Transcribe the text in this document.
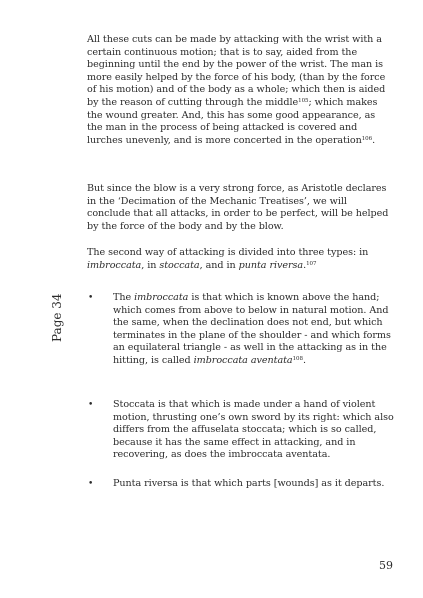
Page 34

All these cuts can be made by attacking with the wrist with a certain continuous motion; that is to say, aided from the beginning until the end by the power of the wrist. The man is more easily helped by the force of his body, (than by the force of his motion) and of the body as a whole; which then is aided by the reason of cutting through the middle$^{105}$; which makes the wound greater. And, this has some good appearance, as the man in the process of being attacked is covered and lurches unevenly, and is more concerted in the operation$^{106}$.

But since the blow is a very strong force, as Aristotle declares in the ‘Decimation of the Mechanic Treatises’, we will conclude that all attacks, in order to be perfect, will be helped by the force of the body and by the blow.

The second way of attacking is divided into three types: in imbroccata, in stoccata, and in punta riversa.$^{107}$

• The imbroccata is that which is known above the hand; which comes from above to below in natural motion. And the same, when the declination does not end, but which terminates in the plane of the shoulder - and which forms an equilateral triangle - as well in the attacking as in the hitting, is called imbroccata aventata$^{108}$.

• Stoccata is that which is made under a hand of violent motion, thrusting one’s own sword by its right: which also differs from the affuselata stoccata; which is so called, because it has the same effect in attacking, and in recovering, as does the imbroccata aventata.

• Punta riversa is that which parts [wounds] as it departs.

59
